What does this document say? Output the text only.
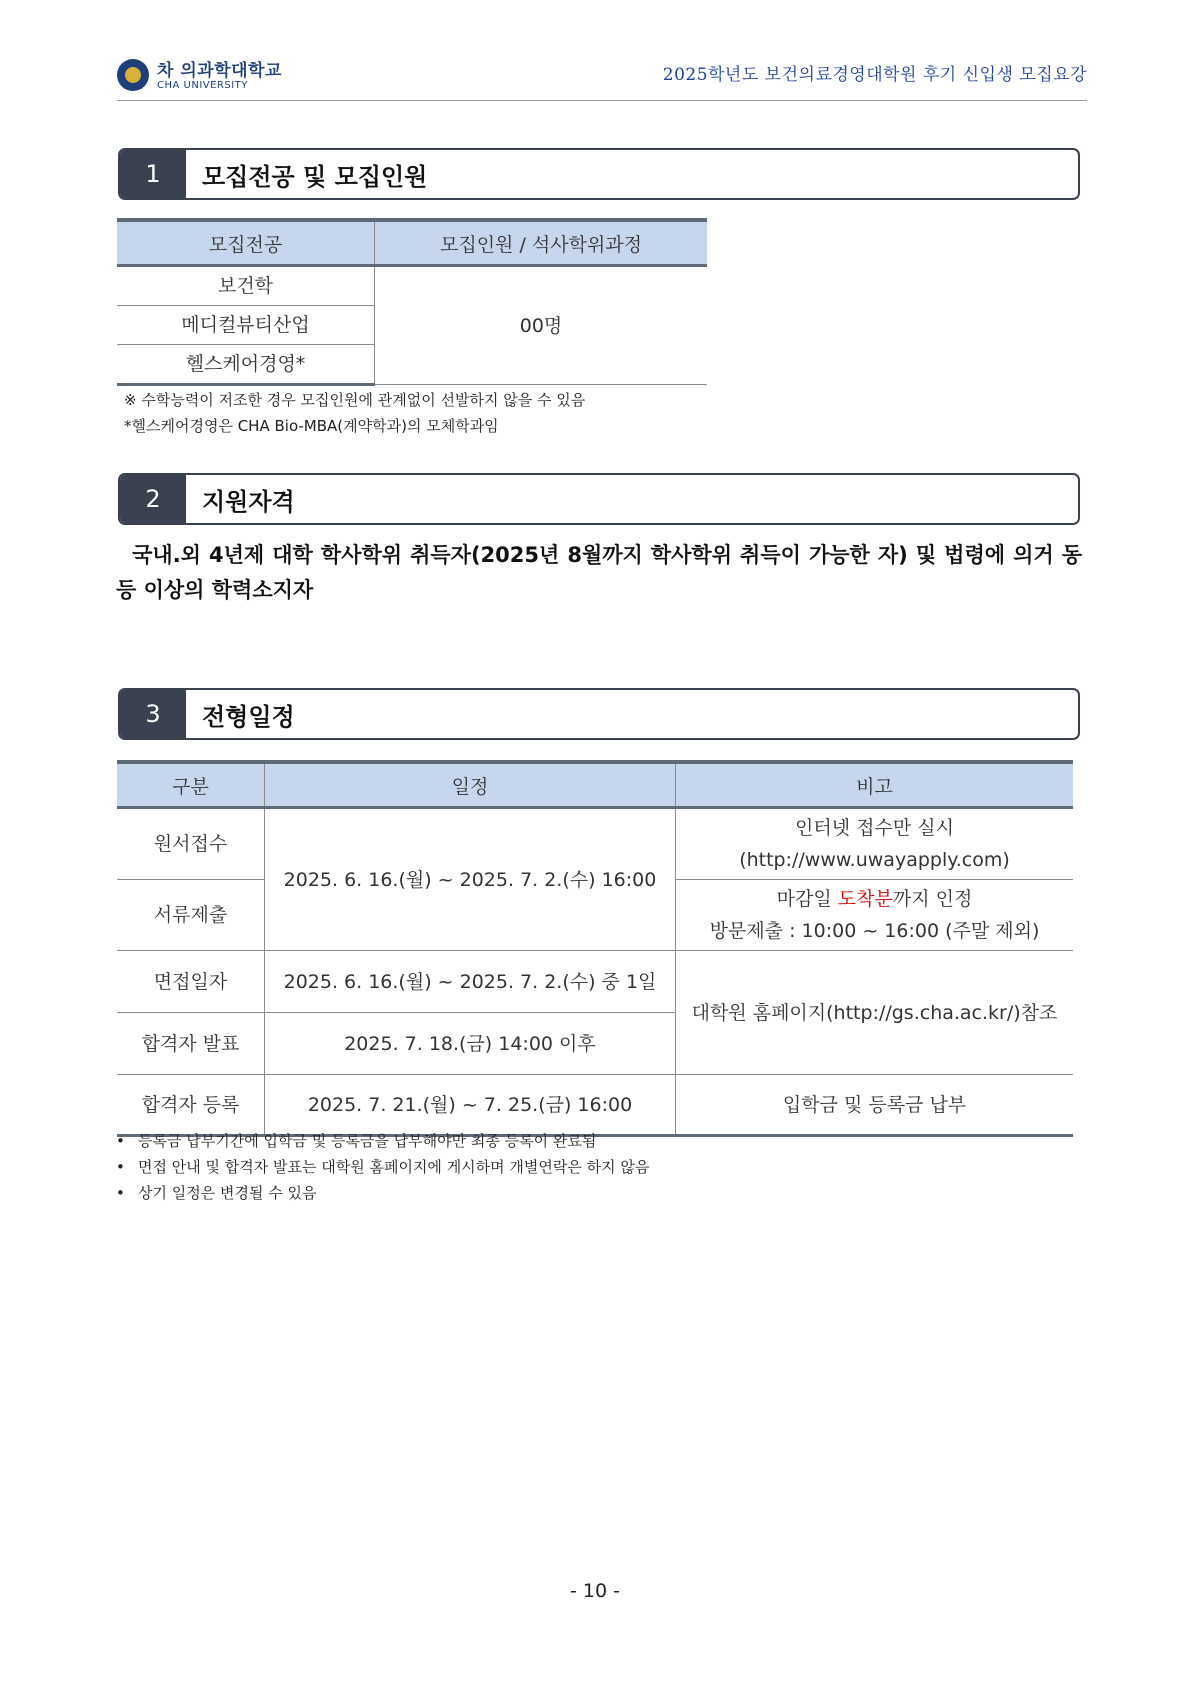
차 의과학대학교
CHA UNIVERSITY
2025학년도 보건의료경영대학원 후기 신입생 모집요강
1	모집전공 및 모집인원
모집전공	모집인원 / 석사학위과정
보건학	00명
메디컬뷰티산업	
헬스케어경영*	
※ 수학능력이 저조한 경우 모집인원에 관계없이 선발하지 않을 수 있음
*헬스케어경영은 CHA Bio-MBA(계약학과)의 모체학과임
2	지원자격
국내.외 4년제 대학 학사학위 취득자(2025년 8월까지 학사학위 취득이 가능한 자) 및 법령에 의거 동등 이상의 학력소지자
3	전형일정
구분	일정	비고
원서접수	2025. 6. 16.(월) ~ 2025. 7. 2.(수) 16:00	인터넷 접수만 실시
(http://www.uwayapply.com)

서류제출		마감일 도착분까지 인정
방문제출 : 10:00 ~ 16:00 (주말 제외)

면접일자	2025. 6. 16.(월) ~ 2025. 7. 2.(수) 중 1일	대학원 홈페이지(http://gs.cha.ac.kr/)참조
합격자 발표	2025. 7. 18.(금) 14:00 이후	
합격자 등록	2025. 7. 21.(월) ~ 7. 25.(금) 16:00	입학금 및 등록금 납부
• 등록금 납부기간에 입학금 및 등록금을 납부해야만 최종 등록이 완료됨
• 면접 안내 및 합격자 발표는 대학원 홈페이지에 게시하며 개별연락은 하지 않음
• 상기 일정은 변경될 수 있음
- 10 -
